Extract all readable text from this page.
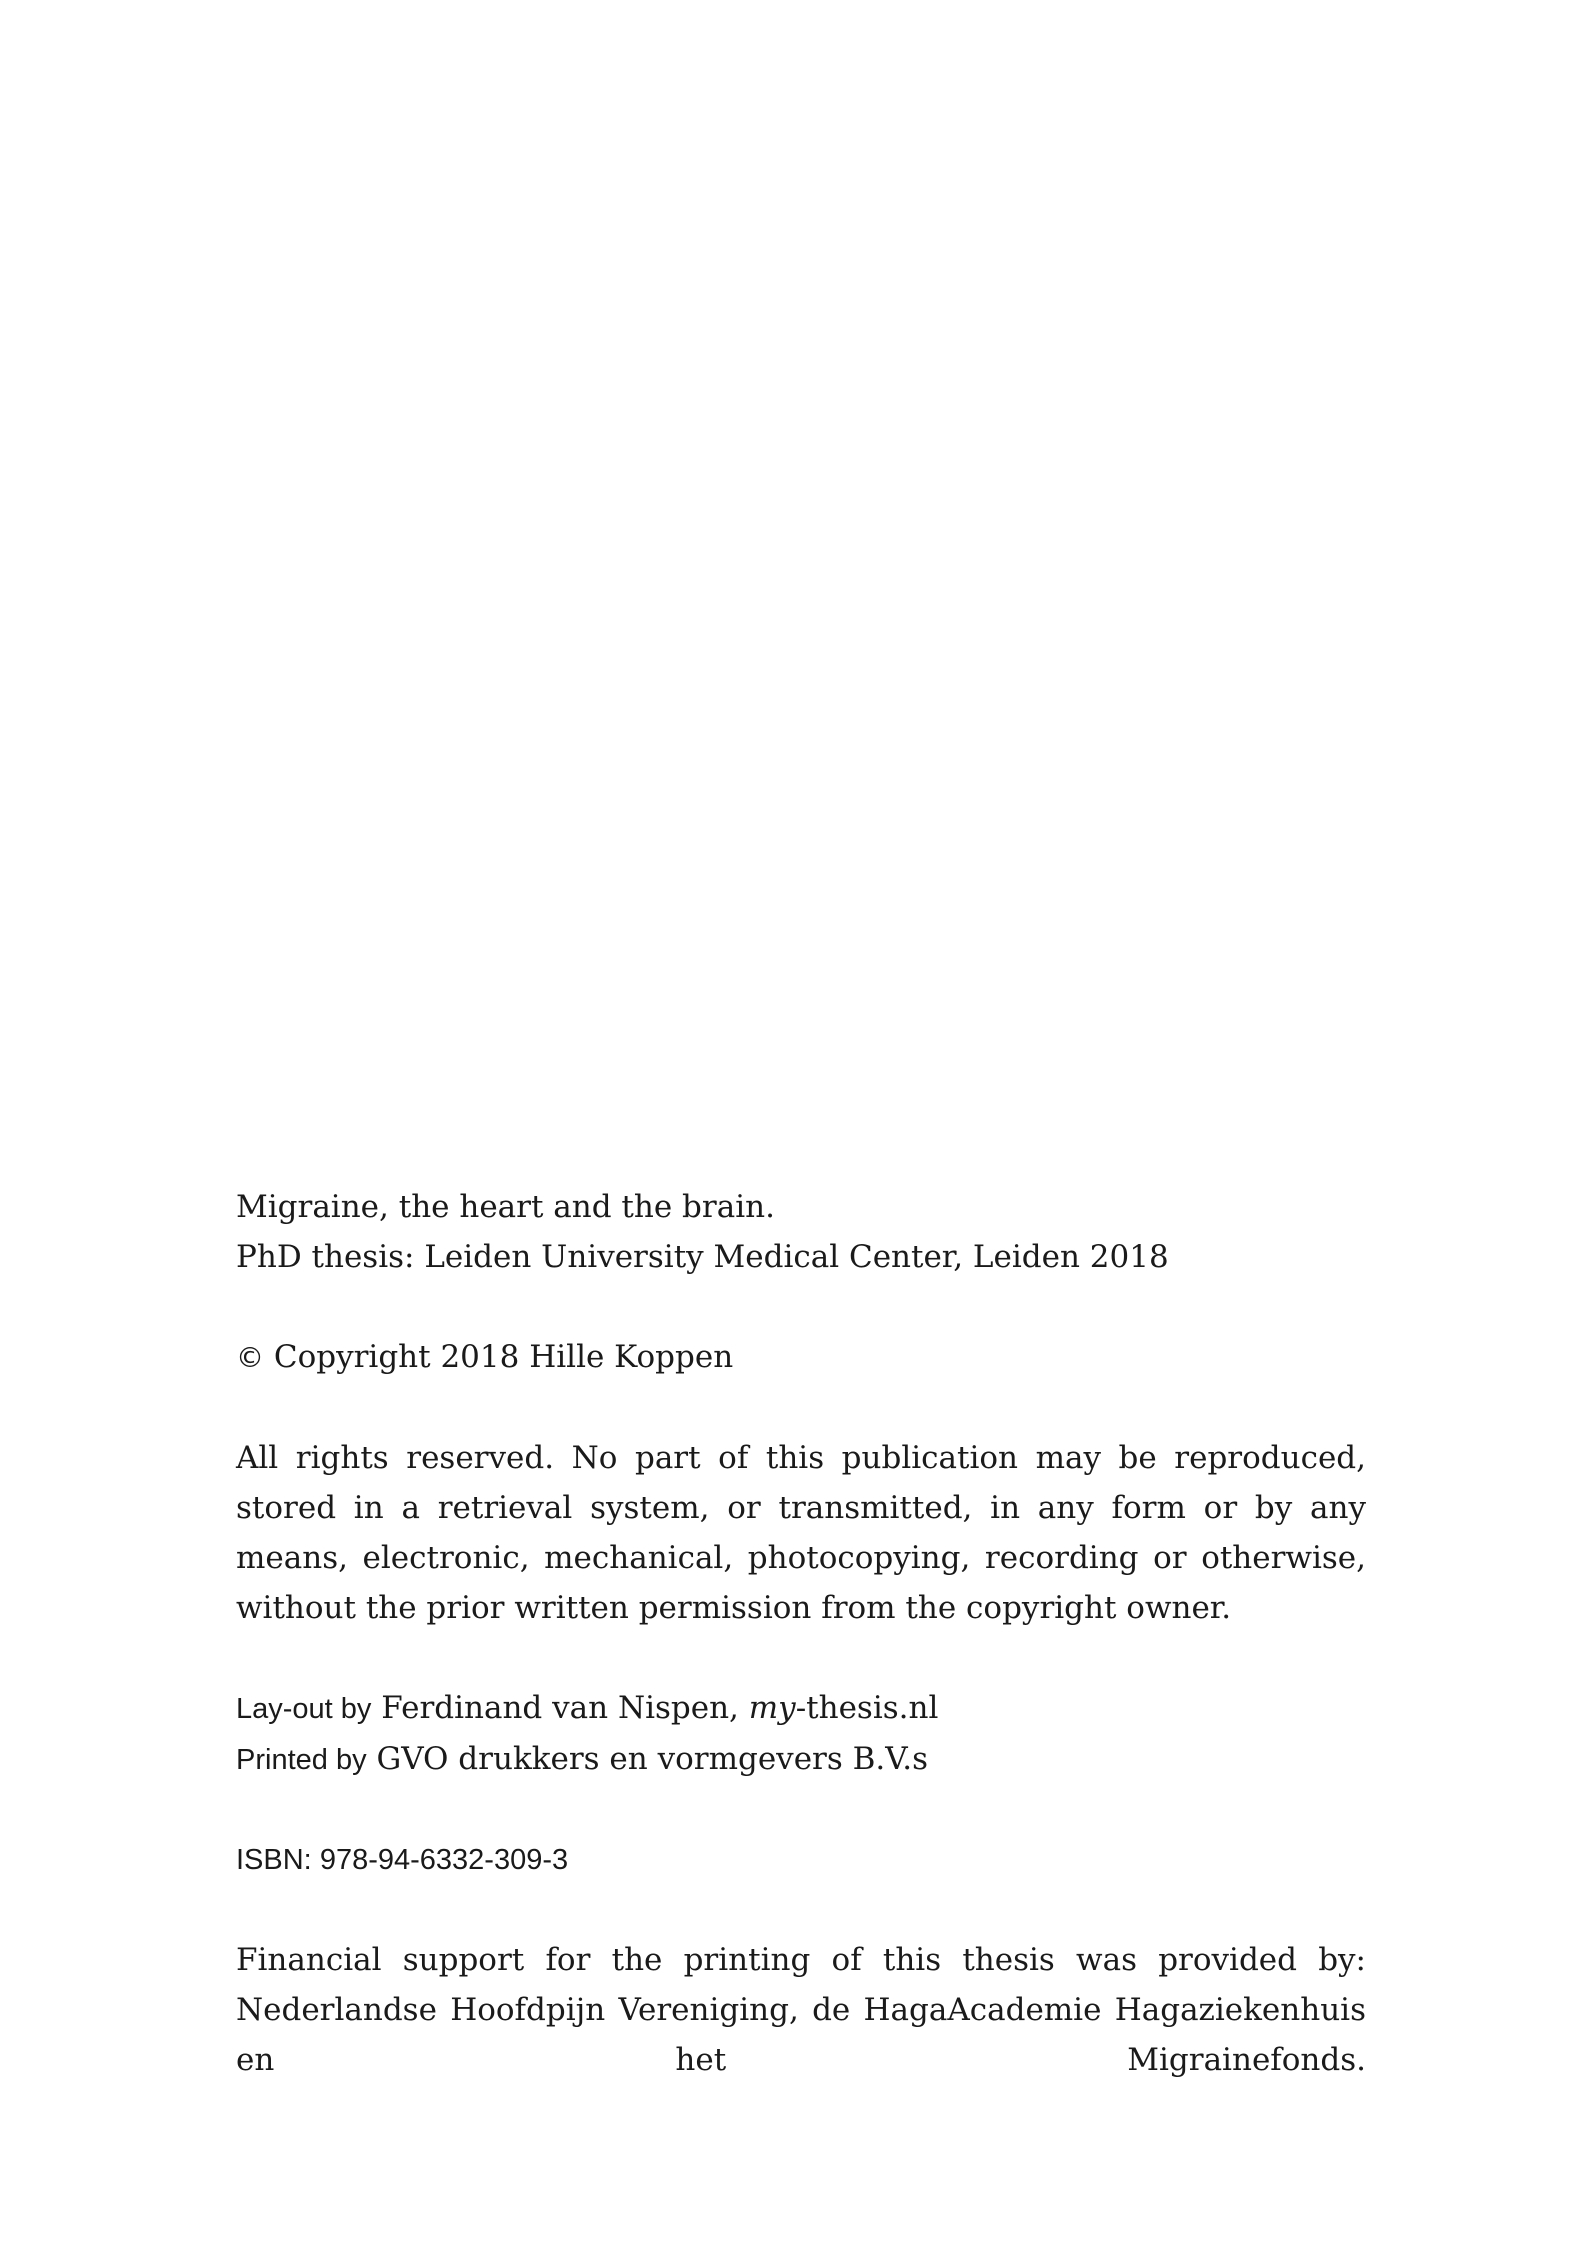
Migraine, the heart and the brain.
PhD thesis: Leiden University Medical Center, Leiden 2018
© Copyright 2018 Hille Koppen
All rights reserved. No part of this publication may be reproduced, stored in a retrieval system, or transmitted, in any form or by any means, electronic, mechanical, photocopying, recording or otherwise, without the prior written permission from the copyright owner.
Lay-out by Ferdinand van Nispen, my-thesis.nl
Printed by GVO drukkers en vormgevers B.V.s
ISBN: 978-94-6332-309-3
Financial support for the printing of this thesis was provided by: Nederlandse Hoofdpijn Vereniging, de HagaAcademie Hagaziekenhuis en het Migrainefonds.
